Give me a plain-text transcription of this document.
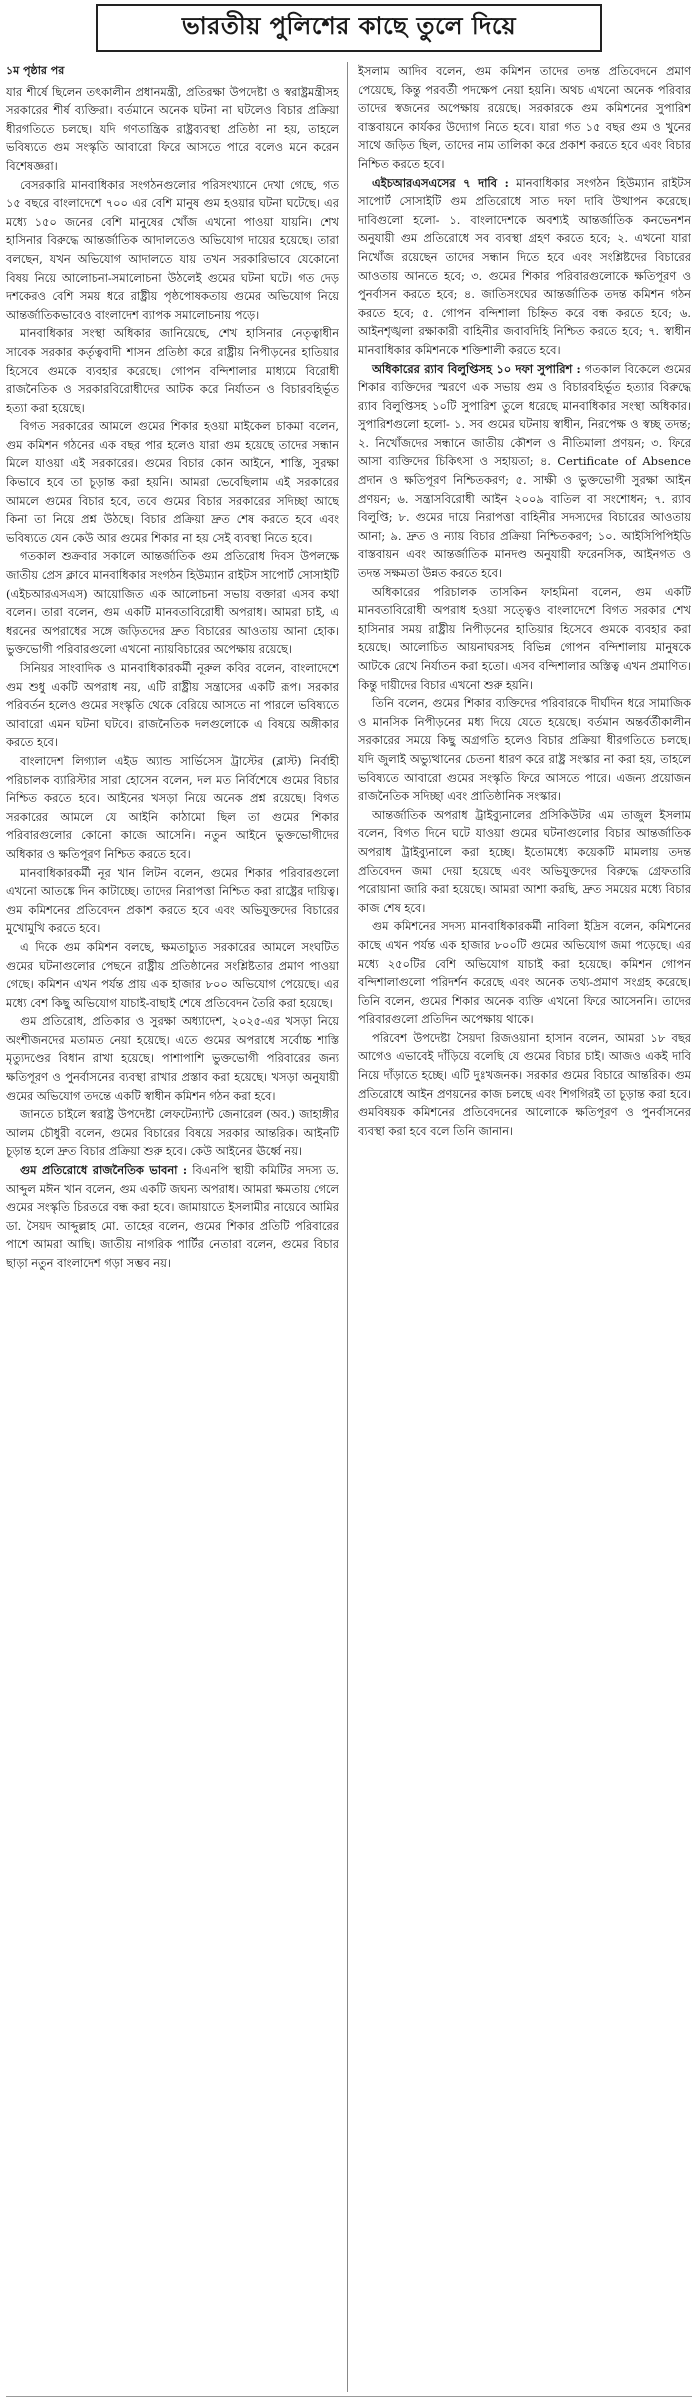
ভারতীয় পুলিশের কাছে তুলে দিয়ে
১ম পৃষ্ঠার পর

যার শীর্ষে ছিলেন তৎকালীন প্রধানমন্ত্রী, প্রতিরক্ষা উপদেষ্টা ও স্বরাষ্ট্রমন্ত্রীসহ সরকারের শীর্ষ ব্যক্তিরা। বর্তমানে অনেক ঘটনা না ঘটলেও বিচার প্রক্রিয়া ধীরগতিতে চলছে। যদি গণতান্ত্রিক রাষ্ট্রব্যবস্থা প্রতিষ্ঠা না হয়, তাহলে ভবিষ্যতে গুম সংস্কৃতি আবারো ফিরে আসতে পারে বলেও মনে করেন বিশেষজ্ঞরা।

বেসরকারি মানবাধিকার সংগঠনগুলোর পরিসংখ্যানে দেখা গেছে, গত ১৫ বছরে বাংলাদেশে ৭০০ এর বেশি মানুষ গুম হওয়ার ঘটনা ঘটেছে। এর মধ্যে ১৫০ জনের বেশি মানুষের খোঁজ এখনো পাওয়া যায়নি। শেখ হাসিনার বিরুদ্ধে আন্তর্জাতিক আদালতেও অভিযোগ দায়ের হয়েছে। তারা বলছেন, যখন অভিযোগ আদালতে যায় তখন সরকারিভাবে যেকোনো বিষয় নিয়ে আলোচনা-সমালোচনা উঠলেই গুমের ঘটনা ঘটে। গত দেড় দশকেরও বেশি সময় ধরে রাষ্ট্রীয় পৃষ্ঠপোষকতায় গুমের অভিযোগ নিয়ে আন্তর্জাতিকভাবেও বাংলাদেশ ব্যাপক সমালোচনায় পড়ে।

মানবাধিকার সংস্থা অধিকার জানিয়েছে, শেখ হাসিনার নেতৃত্বাধীন সাবেক সরকার কর্তৃত্ববাদী শাসন প্রতিষ্ঠা করে রাষ্ট্রীয় নিপীড়নের হাতিয়ার হিসেবে গুমকে ব্যবহার করেছে। গোপন বন্দিশালার মাধ্যমে বিরোধী রাজনৈতিক ও সরকারবিরোধীদের আটক করে নির্যাতন ও বিচারবহির্ভূত হত্যা করা হয়েছে।

বিগত সরকারের আমলে গুমের শিকার হওয়া মাইকেল চাকমা বলেন, গুম কমিশন গঠনের এক বছর পার হলেও যারা গুম হয়েছে তাদের সন্ধান মিলে যাওয়া এই সরকারের। গুমের বিচার কোন আইনে, শাস্তি, সুরক্ষা কিভাবে হবে তা চূড়ান্ত করা হয়নি। আমরা ভেবেছিলাম এই সরকারের আমলে গুমের বিচার হবে, তবে গুমের বিচার সরকারের সদিচ্ছা আছে কিনা তা নিয়ে প্রশ্ন উঠছে। বিচার প্রক্রিয়া দ্রুত শেষ করতে হবে এবং ভবিষ্যতে যেন কেউ আর গুমের শিকার না হয় সেই ব্যবস্থা নিতে হবে।

গতকাল শুক্রবার সকালে আন্তর্জাতিক গুম প্রতিরোধ দিবস উপলক্ষে জাতীয় প্রেস ক্লাবে মানবাধিকার সংগঠন হিউম্যান রাইটস সাপোর্ট সোসাইটি (এইচআরএসএস) আয়োজিত এক আলোচনা সভায় বক্তারা এসব কথা বলেন। তারা বলেন, গুম একটি মানবতাবিরোধী অপরাধ। আমরা চাই, এ ধরনের অপরাধের সঙ্গে জড়িতদের দ্রুত বিচারের আওতায় আনা হোক। ভুক্তভোগী পরিবারগুলো এখনো ন্যায়বিচারের অপেক্ষায় রয়েছে।

সিনিয়র সাংবাদিক ও মানবাধিকারকর্মী নূরুল কবির বলেন, বাংলাদেশে গুম শুধু একটি অপরাধ নয়, এটি রাষ্ট্রীয় সন্ত্রাসের একটি রূপ। সরকার পরিবর্তন হলেও গুমের সংস্কৃতি থেকে বেরিয়ে আসতে না পারলে ভবিষ্যতে আবারো এমন ঘটনা ঘটবে। রাজনৈতিক দলগুলোকে এ বিষয়ে অঙ্গীকার করতে হবে।

বাংলাদেশ লিগ্যাল এইড অ্যান্ড সার্ভিসেস ট্রাস্টের (ব্লাস্ট) নির্বাহী পরিচালক ব্যারিস্টার সারা হোসেন বলেন, দল মত নির্বিশেষে গুমের বিচার নিশ্চিত করতে হবে। আইনের খসড়া নিয়ে অনেক প্রশ্ন রয়েছে। বিগত সরকারের আমলে যে আইনি কাঠামো ছিল তা গুমের শিকার পরিবারগুলোর কোনো কাজে আসেনি। নতুন আইনে ভুক্তভোগীদের অধিকার ও ক্ষতিপূরণ নিশ্চিত করতে হবে।

মানবাধিকারকর্মী নূর খান লিটন বলেন, গুমের শিকার পরিবারগুলো এখনো আতঙ্কে দিন কাটাচ্ছে। তাদের নিরাপত্তা নিশ্চিত করা রাষ্ট্রের দায়িত্ব। গুম কমিশনের প্রতিবেদন প্রকাশ করতে হবে এবং অভিযুক্তদের বিচারের মুখোমুখি করতে হবে।

এ দিকে গুম কমিশন বলছে, ক্ষমতাচ্যুত সরকারের আমলে সংঘটিত গুমের ঘটনাগুলোর পেছনে রাষ্ট্রীয় প্রতিষ্ঠানের সংশ্লিষ্টতার প্রমাণ পাওয়া গেছে। কমিশন এখন পর্যন্ত প্রায় এক হাজার ৮০০ অভিযোগ পেয়েছে। এর মধ্যে বেশ কিছু অভিযোগ যাচাই-বাছাই শেষে প্রতিবেদন তৈরি করা হয়েছে।

গুম প্রতিরোধ, প্রতিকার ও সুরক্ষা অধ্যাদেশ, ২০২৫-এর খসড়া নিয়ে অংশীজনদের মতামত নেয়া হয়েছে। এতে গুমের অপরাধে সর্বোচ্চ শাস্তি মৃত্যুদণ্ডের বিধান রাখা হয়েছে। পাশাপাশি ভুক্তভোগী পরিবারের জন্য ক্ষতিপূরণ ও পুনর্বাসনের ব্যবস্থা রাখার প্রস্তাব করা হয়েছে। খসড়া অনুযায়ী গুমের অভিযোগ তদন্তে একটি স্বাধীন কমিশন গঠন করা হবে।

জানতে চাইলে স্বরাষ্ট্র উপদেষ্টা লেফটেন্যান্ট জেনারেল (অব.) জাহাঙ্গীর আলম চৌধুরী বলেন, গুমের বিচারের বিষয়ে সরকার আন্তরিক। আইনটি চূড়ান্ত হলে দ্রুত বিচার প্রক্রিয়া শুরু হবে। কেউ আইনের ঊর্ধ্বে নয়।

গুম প্রতিরোধে রাজনৈতিক ভাবনা : বিএনপি স্থায়ী কমিটির সদস্য ড. আব্দুল মঈন খান বলেন, গুম একটি জঘন্য অপরাধ। আমরা ক্ষমতায় গেলে গুমের সংস্কৃতি চিরতরে বন্ধ করা হবে। জামায়াতে ইসলামীর নায়েবে আমির ডা. সৈয়দ আব্দুল্লাহ মো. তাহের বলেন, গুমের শিকার প্রতিটি পরিবারের পাশে আমরা আছি। জাতীয় নাগরিক পার্টির নেতারা বলেন, গুমের বিচার ছাড়া নতুন বাংলাদেশ গড়া সম্ভব নয়।

ইসলাম আদিব বলেন, গুম কমিশন তাদের তদন্ত প্রতিবেদনে প্রমাণ পেয়েছে, কিন্তু পরবর্তী পদক্ষেপ নেয়া হয়নি। অথচ এখনো অনেক পরিবার তাদের স্বজনের অপেক্ষায় রয়েছে। সরকারকে গুম কমিশনের সুপারিশ বাস্তবায়নে কার্যকর উদ্যোগ নিতে হবে। যারা গত ১৫ বছর গুম ও খুনের সাথে জড়িত ছিল, তাদের নাম তালিকা করে প্রকাশ করতে হবে এবং বিচার নিশ্চিত করতে হবে।

এইচআরএসএসের ৭ দাবি : মানবাধিকার সংগঠন হিউম্যান রাইটস সাপোর্ট সোসাইটি গুম প্রতিরোধে সাত দফা দাবি উত্থাপন করেছে। দাবিগুলো হলো- ১. বাংলাদেশকে অবশ্যই আন্তর্জাতিক কনভেনশন অনুযায়ী গুম প্রতিরোধে সব ব্যবস্থা গ্রহণ করতে হবে; ২. এখনো যারা নিখোঁজ রয়েছেন তাদের সন্ধান দিতে হবে এবং সংশ্লিষ্টদের বিচারের আওতায় আনতে হবে; ৩. গুমের শিকার পরিবারগুলোকে ক্ষতিপূরণ ও পুনর্বাসন করতে হবে; ৪. জাতিসংঘের আন্তর্জাতিক তদন্ত কমিশন গঠন করতে হবে; ৫. গোপন বন্দিশালা চিহ্নিত করে বন্ধ করতে হবে; ৬. আইনশৃঙ্খলা রক্ষাকারী বাহিনীর জবাবদিহি নিশ্চিত করতে হবে; ৭. স্বাধীন মানবাধিকার কমিশনকে শক্তিশালী করতে হবে।

অধিকারের র‍্যাব বিলুপ্তিসহ ১০ দফা সুপারিশ : গতকাল বিকেলে গুমের শিকার ব্যক্তিদের স্মরণে এক সভায় গুম ও বিচারবহির্ভূত হত্যার বিরুদ্ধে র‍্যাব বিলুপ্তিসহ ১০টি সুপারিশ তুলে ধরেছে মানবাধিকার সংস্থা অধিকার। সুপারিশগুলো হলো- ১. সব গুমের ঘটনায় স্বাধীন, নিরপেক্ষ ও স্বচ্ছ তদন্ত; ২. নিখোঁজদের সন্ধানে জাতীয় কৌশল ও নীতিমালা প্রণয়ন; ৩. ফিরে আসা ব্যক্তিদের চিকিৎসা ও সহায়তা; ৪. Certificate of Absence প্রদান ও ক্ষতিপূরণ নিশ্চিতকরণ; ৫. সাক্ষী ও ভুক্তভোগী সুরক্ষা আইন প্রণয়ন; ৬. সন্ত্রাসবিরোধী আইন ২০০৯ বাতিল বা সংশোধন; ৭. র‍্যাব বিলুপ্তি; ৮. গুমের দায়ে নিরাপত্তা বাহিনীর সদস্যদের বিচারের আওতায় আনা; ৯. দ্রুত ও ন্যায় বিচার প্রক্রিয়া নিশ্চিতকরণ; ১০. আইসিপিপিইডি বাস্তবায়ন এবং আন্তর্জাতিক মানদণ্ড অনুযায়ী ফরেনসিক, আইনগত ও তদন্ত সক্ষমতা উন্নত করতে হবে।

অধিকারের পরিচালক তাসকিন ফাহমিনা বলেন, গুম একটি মানবতাবিরোধী অপরাধ হওয়া সত্ত্বেও বাংলাদেশে বিগত সরকার শেখ হাসিনার সময় রাষ্ট্রীয় নিপীড়নের হাতিয়ার হিসেবে গুমকে ব্যবহার করা হয়েছে। আলোচিত আয়নাঘরসহ বিভিন্ন গোপন বন্দিশালায় মানুষকে আটকে রেখে নির্যাতন করা হতো। এসব বন্দিশালার অস্তিত্ব এখন প্রমাণিত। কিন্তু দায়ীদের বিচার এখনো শুরু হয়নি।

তিনি বলেন, গুমের শিকার ব্যক্তিদের পরিবারকে দীর্ঘদিন ধরে সামাজিক ও মানসিক নিপীড়নের মধ্য দিয়ে যেতে হয়েছে। বর্তমান অন্তর্বর্তীকালীন সরকারের সময়ে কিছু অগ্রগতি হলেও বিচার প্রক্রিয়া ধীরগতিতে চলছে। যদি জুলাই অভ্যুত্থানের চেতনা ধারণ করে রাষ্ট্র সংস্কার না করা হয়, তাহলে ভবিষ্যতে আবারো গুমের সংস্কৃতি ফিরে আসতে পারে। এজন্য প্রয়োজন রাজনৈতিক সদিচ্ছা এবং প্রাতিষ্ঠানিক সংস্কার।

আন্তর্জাতিক অপরাধ ট্রাইব্যুনালের প্রসিকিউটর এম তাজুল ইসলাম বলেন, বিগত দিনে ঘটে যাওয়া গুমের ঘটনাগুলোর বিচার আন্তর্জাতিক অপরাধ ট্রাইব্যুনালে করা হচ্ছে। ইতোমধ্যে কয়েকটি মামলায় তদন্ত প্রতিবেদন জমা দেয়া হয়েছে এবং অভিযুক্তদের বিরুদ্ধে গ্রেফতারি পরোয়ানা জারি করা হয়েছে। আমরা আশা করছি, দ্রুত সময়ের মধ্যে বিচার কাজ শেষ হবে।

গুম কমিশনের সদস্য মানবাধিকারকর্মী নাবিলা ইদ্রিস বলেন, কমিশনের কাছে এখন পর্যন্ত এক হাজার ৮০০টি গুমের অভিযোগ জমা পড়েছে। এর মধ্যে ২৫০টির বেশি অভিযোগ যাচাই করা হয়েছে। কমিশন গোপন বন্দিশালাগুলো পরিদর্শন করেছে এবং অনেক তথ্য-প্রমাণ সংগ্রহ করেছে। তিনি বলেন, গুমের শিকার অনেক ব্যক্তি এখনো ফিরে আসেননি। তাদের পরিবারগুলো প্রতিদিন অপেক্ষায় থাকে।

পরিবেশ উপদেষ্টা সৈয়দা রিজওয়ানা হাসান বলেন, আমরা ১৮ বছর আগেও এভাবেই দাঁড়িয়ে বলেছি যে গুমের বিচার চাই। আজও একই দাবি নিয়ে দাঁড়াতে হচ্ছে। এটি দুঃখজনক। সরকার গুমের বিচারে আন্তরিক। গুম প্রতিরোধে আইন প্রণয়নের কাজ চলছে এবং শিগগিরই তা চূড়ান্ত করা হবে। গুমবিষয়ক কমিশনের প্রতিবেদনের আলোকে ক্ষতিপূরণ ও পুনর্বাসনের ব্যবস্থা করা হবে বলে তিনি জানান।
